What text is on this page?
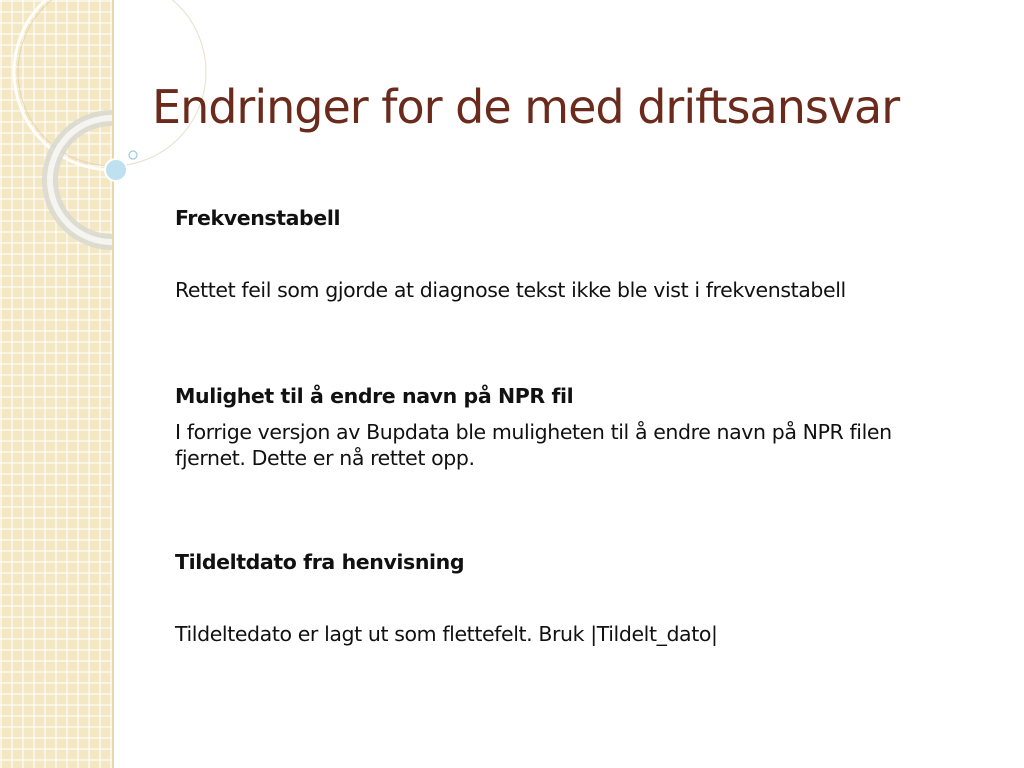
Endringer for de med driftsansvar

Frekvenstabell

Rettet feil som gjorde at diagnose tekst ikke ble vist i frekvenstabell

Mulighet til å endre navn på NPR fil

I forrige versjon av Bupdata ble muligheten til å endre navn på NPR filen fjernet. Dette er nå rettet opp.

Tildeltdato fra henvisning

Tildeltedato er lagt ut som flettefelt. Bruk |Tildelt_dato|
